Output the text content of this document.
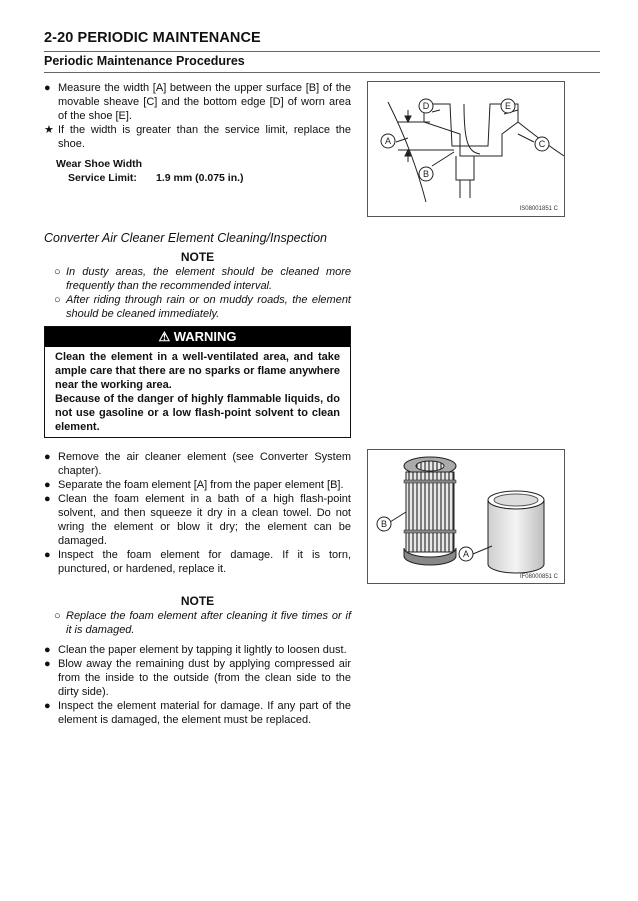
2-20 PERIODIC MAINTENANCE
Periodic Maintenance Procedures
● Measure the width [A] between the upper surface [B] of the movable sheave [C] and the bottom edge [D] of worn area of the shoe [E].
★ If the width is greater than the service limit, replace the shoe.
Wear Shoe Width
Service Limit: 1.9 mm (0.075 in.)
A
B
C
D	E
IS08001851 C
Converter Air Cleaner Element Cleaning/Inspection
NOTE
○ In dusty areas, the element should be cleaned more frequently than the recommended interval.
○ After riding through rain or on muddy roads, the element should be cleaned immediately.
⚠ WARNING
Clean the element in a well-ventilated area, and take ample care that there are no sparks or flame anywhere near the working area.
Because of the danger of highly flammable liquids, do not use gasoline or a low flash-point solvent to clean element.
● Remove the air cleaner element (see Converter System chapter).
● Separate the foam element [A] from the paper element [B].
● Clean the foam element in a bath of a high flash-point solvent, and then squeeze it dry in a clean towel. Do not wring the element or blow it dry; the element can be damaged.
● Inspect the foam element for damage. If it is torn, punctured, or hardened, replace it.
NOTE
○ Replace the foam element after cleaning it five times or if it is damaged.
● Clean the paper element by tapping it lightly to loosen dust.
● Blow away the remaining dust by applying compressed air from the inside to the outside (from the clean side to the dirty side).
● Inspect the element material for damage. If any part of the element is damaged, the element must be replaced.
B
A
IF08000851 C
